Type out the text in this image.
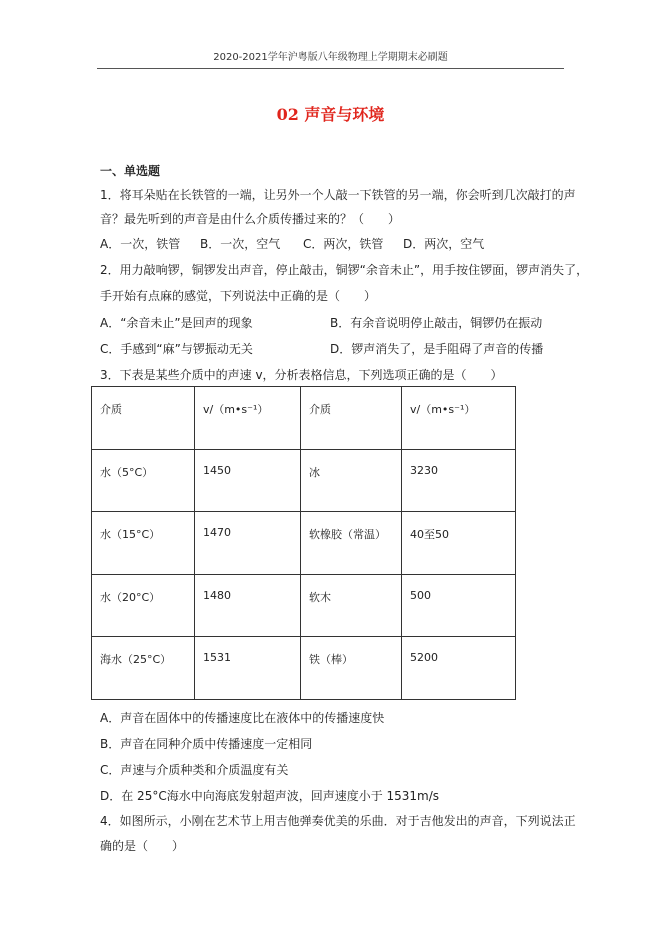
2020-2021学年沪粤版八年级物理上学期期末必刷题
02 声音与环境
一、单选题
1．将耳朵贴在长铁管的一端，让另外一个人敲一下铁管的另一端，你会听到几次敲打的声
音？最先听到的声音是由什么介质传播过来的？（　　）
A．一次，铁管 B．一次，空气 C．两次，铁管 D．两次，空气
2．用力敲响锣，铜锣发出声音，停止敲击，铜锣“余音未止”，用手按住锣面，锣声消失了，
手开始有点麻的感觉，下列说法中正确的是（　　）
A．“余音未止”是回声的现象	B．有余音说明停止敲击，铜锣仍在振动
C．手感到“麻”与锣振动无关	D．锣声消失了，是手阻碍了声音的传播
3．下表是某些介质中的声速 v，分析表格信息，下列选项正确的是（　　）
介质	v/（m•s⁻¹）	介质	v/（m•s⁻¹）
水（5°C）	1450	冰	3230
水（15°C）	1470	软橡胶（常温）	40至50
水（20°C）	1480	软木	500
海水（25°C）	1531	铁（棒）	5200
A．声音在固体中的传播速度比在液体中的传播速度快
B．声音在同种介质中传播速度一定相同
C．声速与介质种类和介质温度有关
D．在 25°C海水中向海底发射超声波，回声速度小于 1531m/s
4．如图所示，小刚在艺术节上用吉他弹奏优美的乐曲．对于吉他发出的声音，下列说法正
确的是（　　）
